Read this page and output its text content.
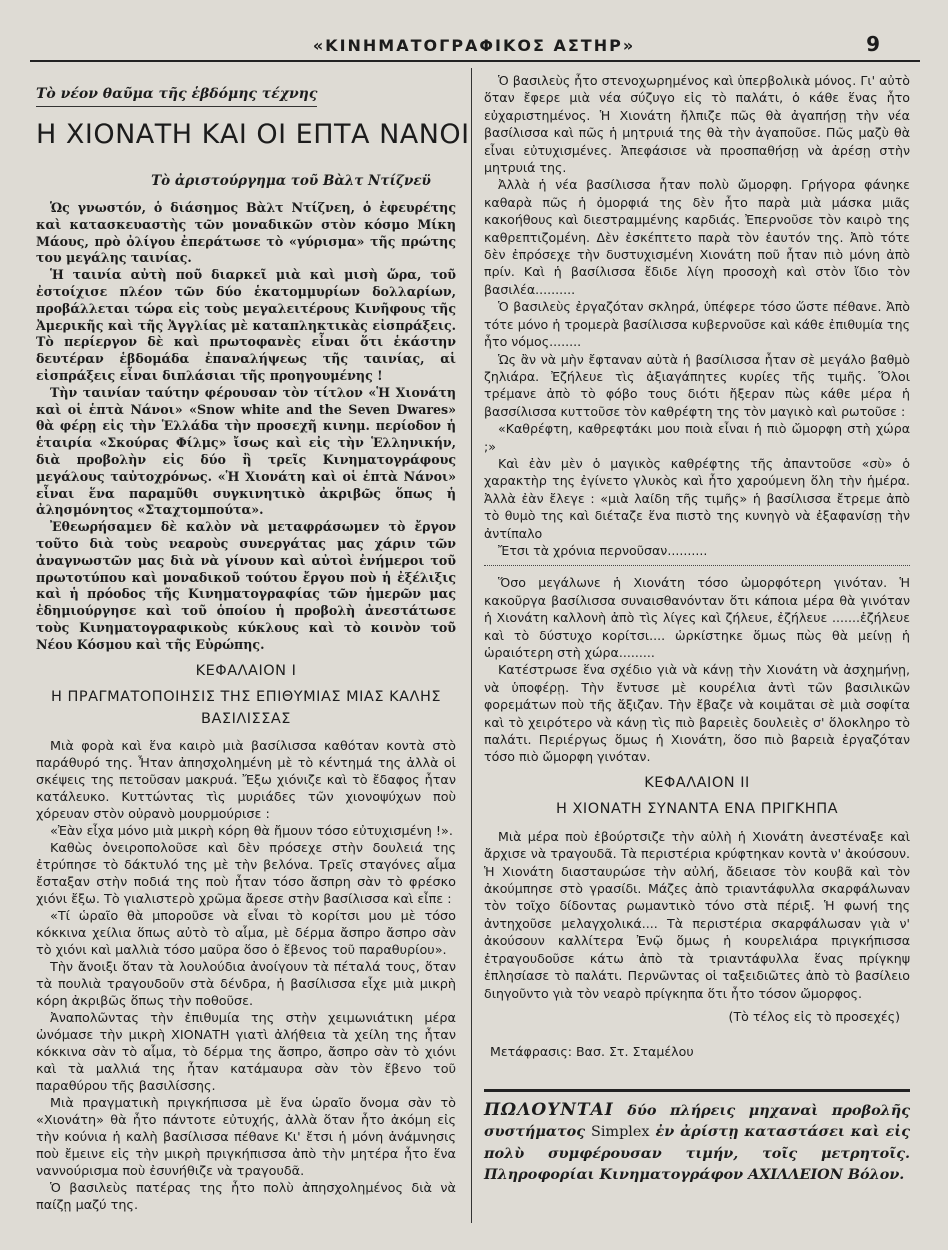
«ΚΙΝΗΜΑΤΟΓΡΑΦΙΚΟΣ ΑΣΤΗΡ»	9
Τὸ νέον θαῦμα τῆς ἑβδόμης τέχνης
Η ΧΙΟΝΑΤΗ ΚΑΙ ΟΙ ΕΠΤΑ ΝΑΝΟΙ
Τὸ ἀριστούργημα τοῦ Βὰλτ Ντίζνεϋ

Ὡς γνωστόν, ὁ διάσημος Βὰλτ Ντίζνεη, ὁ ἐφευρέτης καὶ κατασκευαστὴς τῶν μοναδικῶν στὸν κόσμο Μίκη Μάους, πρὸ ὀλίγου ἐπεράτωσε τὸ «γύρισμα» τῆς πρώτης του μεγάλης ταινίας.

Ἡ ταινία αὐτὴ ποῦ διαρκεῖ μιὰ καὶ μισὴ ὥρα, τοῦ ἐστοίχισε πλέον τῶν δύο ἑκατομμυρίων δολλαρίων, προβάλλεται τώρα εἰς τοὺς μεγαλειτέρους Κινῆφους τῆς Ἀμερικῆς καὶ τῆς Ἀγγλίας μὲ καταπληκτικὰς εἰσπράξεις. Τὸ περίεργον δὲ καὶ πρωτοφανὲς εἶναι ὅτι ἑκάστην δευτέραν ἑβδομάδα ἐπαναλήψεως τῆς ταινίας, αἱ εἰσπράξεις εἶναι διπλάσιαι τῆς προηγουμένης !

Τὴν ταινίαν ταύτην φέρουσαν τὸν τίτλον «Ἡ Χιονάτη καὶ οἱ ἑπτὰ Νάνοι» «Snow white and the Seven Dwares» θὰ φέρῃ εἰς τὴν Ἑλλάδα τὴν προσεχῆ κινημ. περίοδον ἡ ἑταιρία «Σκούρας Φίλμς» ἴσως καὶ εἰς τὴν Ἑλληνικήν, διὰ προβολὴν εἰς δύο ἢ τρεῖς Κινηματογράφους μεγάλους ταὐτοχρόνως. «Ἡ Χιονάτη καὶ οἱ ἑπτὰ Νάνοι» εἶναι ἕνα παραμῦθι συγκινητικὸ ἀκριβῶς ὅπως ἡ ἀλησμόνητος «Σταχτομπούτα».

Ἐθεωρήσαμεν δὲ καλὸν νὰ μεταφράσωμεν τὸ ἔργον τοῦτο διὰ τοὺς νεαροὺς συνεργάτας μας χάριν τῶν ἀναγνωστῶν μας διὰ νὰ γίνουν καὶ αὐτοὶ ἐνήμεροι τοῦ πρωτοτύπου καὶ μοναδικοῦ τούτου ἔργου ποὺ ἡ ἐξέλιξις καὶ ἡ πρόοδος τῆς Κινηματογραφίας τῶν ἡμερῶν μας ἐδημιούργησε καὶ τοῦ ὁποίου ἡ προβολὴ ἀνεστάτωσε τοὺς Κινηματογραφικοὺς κύκλους καὶ τὸ κοινὸν τοῦ Νέου Κόσμου καὶ τῆς Εὐρώπης.

ΚΕΦΑΛΑΙΟΝ I
Η ΠΡΑΓΜΑΤΟΠΟΙΗΣΙΣ ΤΗΣ ΕΠΙΘΥΜΙΑΣ ΜΙΑΣ ΚΑΛΗΣ ΒΑΣΙΛΙΣΣΑΣ

Μιὰ φορὰ καὶ ἕνα καιρὸ μιὰ βασίλισσα καθόταν κοντὰ στὸ παράθυρό της. Ἦταν ἀπησχολημένη μὲ τὸ κέντημά της ἀλλὰ οἱ σκέψεις της πετοῦσαν μακρυά. Ἔξω χιόνιζε καὶ τὸ ἔδαφος ἦταν κατάλευκο. Κυττώντας τὶς μυριάδες τῶν χιονοψύχων ποὺ χόρευαν στὸν οὐρανὸ μουρμούρισε :

«Ἐὰν εἶχα μόνο μιὰ μικρὴ κόρη θὰ ἤμουν τόσο εὐτυχισμένη !».

Καθὼς ὀνειροπολοῦσε καὶ δὲν πρόσεχε στὴν δουλειά της ἐτρύπησε τὸ δάκτυλό της μὲ τὴν βελόνα. Τρεῖς σταγόνες αἷμα ἔσταξαν στὴν ποδιά της ποὺ ἦταν τόσο ἄσπρη σὰν τὸ φρέσκο χιόνι ἔξω. Τὸ γιαλιστερὸ χρῶμα ἄρεσε στὴν βασίλισσα καὶ εἶπε :

«Τί ὡραῖο θὰ μποροῦσε νὰ εἶναι τὸ κορίτσι μου μὲ τόσο κόκκινα χείλια ὅπως αὐτὸ τὸ αἷμα, μὲ δέρμα ἄσπρο ἄσπρο σὰν τὸ χιόνι καὶ μαλλιὰ τόσο μαῦρα ὅσο ὁ ἔβενος τοῦ παραθυρίου».

Τὴν ἄνοιξι ὅταν τὰ λουλούδια ἀνοίγουν τὰ πέταλά τους, ὅταν τὰ πουλιὰ τραγουδοῦν στὰ δένδρα, ἡ βασίλισσα εἶχε μιὰ μικρὴ κόρη ἀκριβῶς ὅπως τὴν ποθοῦσε.

Ἀναπολῶντας τὴν ἐπιθυμία της στὴν χειμωνιάτικη μέρα ὠνόμασε τὴν μικρὴ ΧΙΟΝΑΤΗ γιατὶ ἀλήθεια τὰ χείλη της ἦταν κόκκινα σὰν τὸ αἷμα, τὸ δέρμα της ἄσπρο, ἄσπρο σὰν τὸ χιόνι καὶ τὰ μαλλιά της ἦταν κατάμαυρα σὰν τὸν ἔβενο τοῦ παραθύρου τῆς βασιλίσσης.

Μιὰ πραγματικὴ πριγκήπισσα μὲ ἕνα ὡραῖο ὄνομα σὰν τὸ «Χιονάτη» θὰ ἦτο πάντοτε εὐτυχής, ἀλλὰ ὅταν ἦτο ἀκόμη εἰς τὴν κούνια ἡ καλὴ βασίλισσα πέθανε Κι' ἔτσι ἡ μόνη ἀνάμνησις ποὺ ἔμεινε εἰς τὴν μικρὴ πριγκήπισσα ἀπὸ τὴν μητέρα ἦτο ἕνα ναννούρισμα ποὺ ἐσυνήθιζε νὰ τραγουδᾶ.

Ὁ βασιλεὺς πατέρας της ἦτο πολὺ ἀπησχολημένος διὰ νὰ παίζῃ μαζύ της.

Ὁ βασιλεὺς ἦτο στενοχωρημένος καὶ ὑπερβολικὰ μόνος. Γι' αὐτὸ ὅταν ἔφερε μιὰ νέα σύζυγο εἰς τὸ παλάτι, ὁ κάθε ἕνας ἦτο εὐχαριστημένος. Ἡ Χιονάτη ἤλπιζε πῶς θὰ ἀγαπήσῃ τὴν νέα βασίλισσα καὶ πῶς ἡ μητρυιά της θὰ τὴν ἀγαποῦσε. Πῶς μαζὺ θὰ εἶναι εὐτυχισμένες. Ἀπεφάσισε νὰ προσπαθήσῃ νὰ ἀρέσῃ στὴν μητρυιά της.

Ἀλλὰ ἡ νέα βασίλισσα ἦταν πολὺ ὤμορφη. Γρήγορα φάνηκε καθαρὰ πῶς ἡ ὀμορφιά της δὲν ἦτο παρὰ μιὰ μάσκα μιᾶς κακοήθους καὶ διεστραμμένης καρδιάς. Ἐπερνοῦσε τὸν καιρὸ της καθρεπτιζομένη. Δὲν ἐσκέπτετο παρὰ τὸν ἑαυτόν της. Ἀπὸ τότε δὲν ἐπρόσεχε τὴν δυστυχισμένη Χιονάτη ποῦ ἦταν πιὸ μόνη ἀπὸ πρίν. Καὶ ἡ βασίλισσα ἔδιδε λίγη προσοχὴ καὶ στὸν ἴδιο τὸν βασιλέα..........

Ὁ βασιλεὺς ἐργαζόταν σκληρά, ὑπέφερε τόσο ὥστε πέθανε. Ἀπὸ τότε μόνο ἡ τρομερὰ βασίλισσα κυβερνοῦσε καὶ κάθε ἐπιθυμία της ἦτο νόμος........

Ὡς ἂν νὰ μὴν ἔφταναν αὐτὰ ἡ βασίλισσα ἦταν σὲ μεγάλο βαθμὸ ζηλιάρα. Ἐζήλευε τὶς ἀξιαγάπητες κυρίες τῆς τιμῆς. Ὅλοι τρέμανε ἀπὸ τὸ φόβο τους διότι ἤξεραν πὼς κάθε μέρα ἡ βασσίλισσα κυττοῦσε τὸν καθρέφτη της τὸν μαγικὸ καὶ ρωτοῦσε :

«Καθρέφτη, καθρεφτάκι μου ποιὰ εἶναι ἡ πιὸ ὤμορφη στὴ χώρα ;»

Καὶ ἐὰν μὲν ὁ μαγικὸς καθρέφτης τῆς ἀπαντοῦσε «σὺ» ὁ χαρακτὴρ της ἐγίνετο γλυκὸς καὶ ἦτο χαρούμενη ὅλη τὴν ἡμέρα. Ἀλλὰ ἐὰν ἔλεγε : «μιὰ λαίδη τῆς τιμῆς» ἡ βασίλισσα ἔτρεμε ἀπὸ τὸ θυμὸ της καὶ διέταζε ἕνα πιστὸ της κυνηγὸ νὰ ἐξαφανίσῃ τὴν ἀντίπαλο

Ἔτσι τὰ χρόνια περνοῦσαν..........

Ὅσο μεγάλωνε ἡ Χιονάτη τόσο ὠμορφότερη γινόταν. Ἡ κακοῦργα βασίλισσα συναισθανόνταν ὅτι κάποια μέρα θὰ γινόταν ἡ Χιονάτη καλλονὴ ἀπὸ τὶς λίγες καὶ ζήλευε, ἐζήλευε .......ἐζήλευε καὶ τὸ δύστυχο κορίτσι.... ὡρκίστηκε ὅμως πὼς θὰ μείνῃ ἡ ὡραιότερη στὴ χώρα.........

Κατέστρωσε ἕνα σχέδιο γιὰ νὰ κάνῃ τὴν Χιονάτη νὰ ἀσχημήνῃ, νὰ ὑποφέρῃ. Τὴν ἔντυσε μὲ κουρέλια ἀντὶ τῶν βασιλικῶν φορεμάτων ποὺ τῆς ἄξιζαν. Τὴν ἔβαζε νὰ κοιμᾶται σὲ μιὰ σοφίτα καὶ τὸ χειρότερο νὰ κάνῃ τὶς πιὸ βαρειὲς δουλειὲς σ' ὅλοκληρο τὸ παλάτι. Περιέργως ὅμως ἡ Χιονάτη, ὅσο πιὸ βαρειὰ ἐργαζόταν τόσο πιὸ ὤμορφη γινόταν.

ΚΕΦΑΛΑΙΟΝ II
Η ΧΙΟΝΑΤΗ ΣΥΝΑΝΤΑ ΕΝΑ ΠΡΙΓΚΗΠΑ

Μιὰ μέρα ποὺ ἐβούρτσιζε τὴν αὐλὴ ἡ Χιονάτη ἀνεστέναξε καὶ ἄρχισε νὰ τραγουδᾶ. Τὰ περιστέρια κρύφτηκαν κοντὰ ν' ἀκούσουν. Ἡ Χιονάτη διασταυρώσε τὴν αὐλή, ἄδειασε τὸν κουβᾶ καὶ τὸν ἀκούμπησε στὸ γρασίδι. Μάζες ἀπὸ τριαντάφυλλα σκαρφάλωναν τὸν τοῖχο δίδοντας ρωμαντικὸ τόνο στὰ πέριξ. Ἡ φωνή της ἀντηχοῦσε μελαγχολικά.... Τὰ περιστέρια σκαρφάλωσαν γιὰ ν' ἀκούσουν καλλίτερα Ἐνῷ ὅμως ἡ κουρελιάρα πριγκήπισσα ἐτραγουδοῦσε κάτω ἀπὸ τὰ τριαντάφυλλα ἕνας πρίγκηψ ἐπλησίασε τὸ παλάτι. Περνῶντας οἱ ταξειδιῶτες ἀπὸ τὸ βασίλειο διηγοῦντο γιὰ τὸν νεαρὸ πρίγκηπα ὅτι ἦτο τόσον ὤμορφος.

(Τὸ τέλος εἰς τὸ προσεχές)
Μετάφρασις: Βασ. Στ. Σταμέλου
ΠΩΛΟΥΝΤΑΙ δύο πλήρεις μηχαναὶ προβολῆς συστήματος Simplex ἐν ἀρίστῃ καταστάσει καὶ εἰς πολὺ συμφέρουσαν τιμήν, τοῖς μετρητοῖς. Πληροφορίαι Κινηματογράφον ΑΧΙΛΛΕΙΟΝ Βόλον.
